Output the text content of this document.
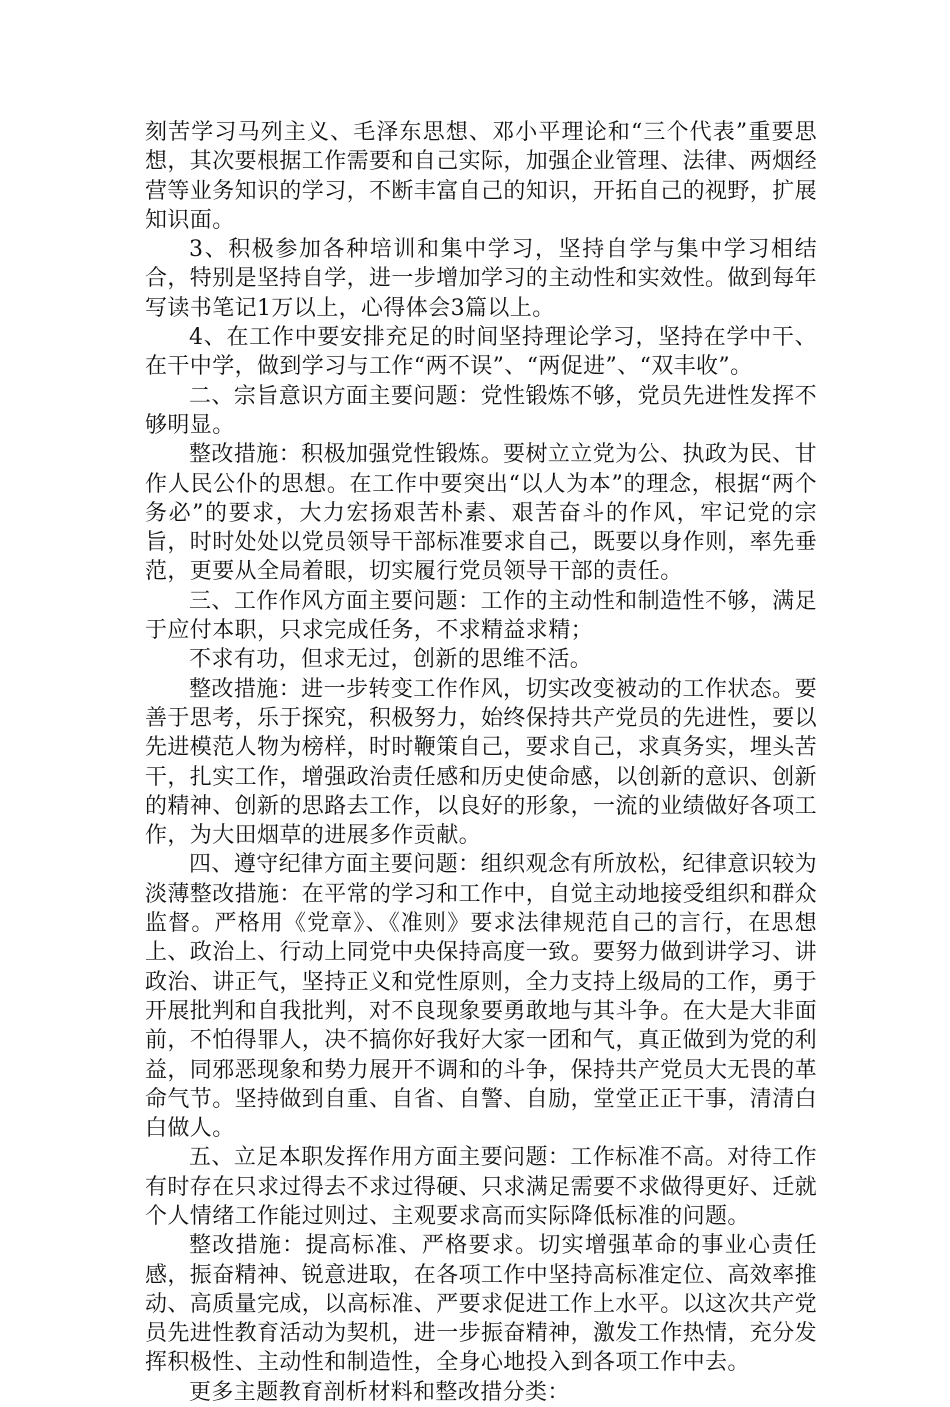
刻苦学习马列主义、毛泽东思想、邓小平理论和“三个代表”重要思想，其次要根据工作需要和自己实际，加强企业管理、法律、两烟经营等业务知识的学习，不断丰富自己的知识，开拓自己的视野，扩展知识面。

3、积极参加各种培训和集中学习，坚持自学与集中学习相结合，特别是坚持自学，进一步增加学习的主动性和实效性。做到每年写读书笔记1万以上，心得体会3篇以上。

4、在工作中要安排充足的时间坚持理论学习，坚持在学中干、在干中学，做到学习与工作“两不误”、“两促进”、“双丰收”。

二、宗旨意识方面主要问题：党性锻炼不够，党员先进性发挥不够明显。

整改措施：积极加强党性锻炼。要树立立党为公、执政为民、甘作人民公仆的思想。在工作中要突出“以人为本”的理念，根据“两个务必”的要求，大力宏扬艰苦朴素、艰苦奋斗的作风，牢记党的宗旨，时时处处以党员领导干部标准要求自己，既要以身作则，率先垂范，更要从全局着眼，切实履行党员领导干部的责任。

三、工作作风方面主要问题：工作的主动性和制造性不够，满足于应付本职，只求完成任务，不求精益求精；

不求有功，但求无过，创新的思维不活。

整改措施：进一步转变工作作风，切实改变被动的工作状态。要善于思考，乐于探究，积极努力，始终保持共产党员的先进性，要以先进模范人物为榜样，时时鞭策自己，要求自己，求真务实，埋头苦干，扎实工作，增强政治责任感和历史使命感，以创新的意识、创新的精神、创新的思路去工作，以良好的形象，一流的业绩做好各项工作，为大田烟草的进展多作贡献。

四、遵守纪律方面主要问题：组织观念有所放松，纪律意识较为淡薄整改措施：在平常的学习和工作中，自觉主动地接受组织和群众监督。严格用《党章》、《准则》要求法律规范自己的言行，在思想上、政治上、行动上同党中央保持高度一致。要努力做到讲学习、讲政治、讲正气，坚持正义和党性原则，全力支持上级局的工作，勇于开展批判和自我批判，对不良现象要勇敢地与其斗争。在大是大非面前，不怕得罪人，决不搞你好我好大家一团和气，真正做到为党的利益，同邪恶现象和势力展开不调和的斗争，保持共产党员大无畏的革命气节。坚持做到自重、自省、自警、自励，堂堂正正干事，清清白白做人。

五、立足本职发挥作用方面主要问题：工作标准不高。对待工作有时存在只求过得去不求过得硬、只求满足需要不求做得更好、迁就个人情绪工作能过则过、主观要求高而实际降低标准的问题。

整改措施：提高标准、严格要求。切实增强革命的事业心责任感，振奋精神、锐意进取，在各项工作中坚持高标准定位、高效率推动、高质量完成，以高标准、严要求促进工作上水平。以这次共产党员先进性教育活动为契机，进一步振奋精神，激发工作热情，充分发挥积极性、主动性和制造性，全身心地投入到各项工作中去。

更多主题教育剖析材料和整改措分类：
